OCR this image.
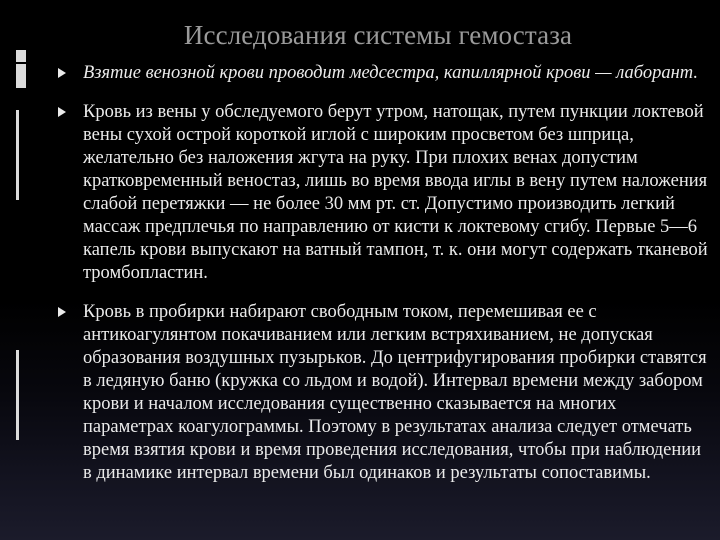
Исследования системы гемостаза
Взятие венозной крови проводит медсестра, капиллярной крови — лаборант.
Кровь из вены у обследуемого берут утром, натощак, путем пункции локтевой вены сухой острой короткой иглой с широким просветом без шприца, желательно без наложения жгута на руку. При плохих венах допустим кратковременный веностаз, лишь во время ввода иглы в вену путем наложения слабой перетяжки — не более 30 мм рт. ст. Допустимо производить легкий массаж предплечья по направлению от кисти к локтевому сгибу. Первые 5—6 капель крови выпускают на ватный тампон, т. к. они могут содержать тканевой тромбопластин.
Кровь в пробирки набирают свободным током, перемешивая ее с антикоагулянтом покачиванием или легким встряхиванием, не допуская образования воздушных пузырьков. До центрифугирования пробирки ставятся в ледяную баню (кружка со льдом и водой). Интервал времени между забором крови и началом исследования существенно сказывается на многих параметрах коагулограммы. Поэтому в результатах анализа следует отмечать время взятия крови и время проведения исследования, чтобы при наблюдении в динамике интервал времени был одинаков и результаты сопоставимы.
